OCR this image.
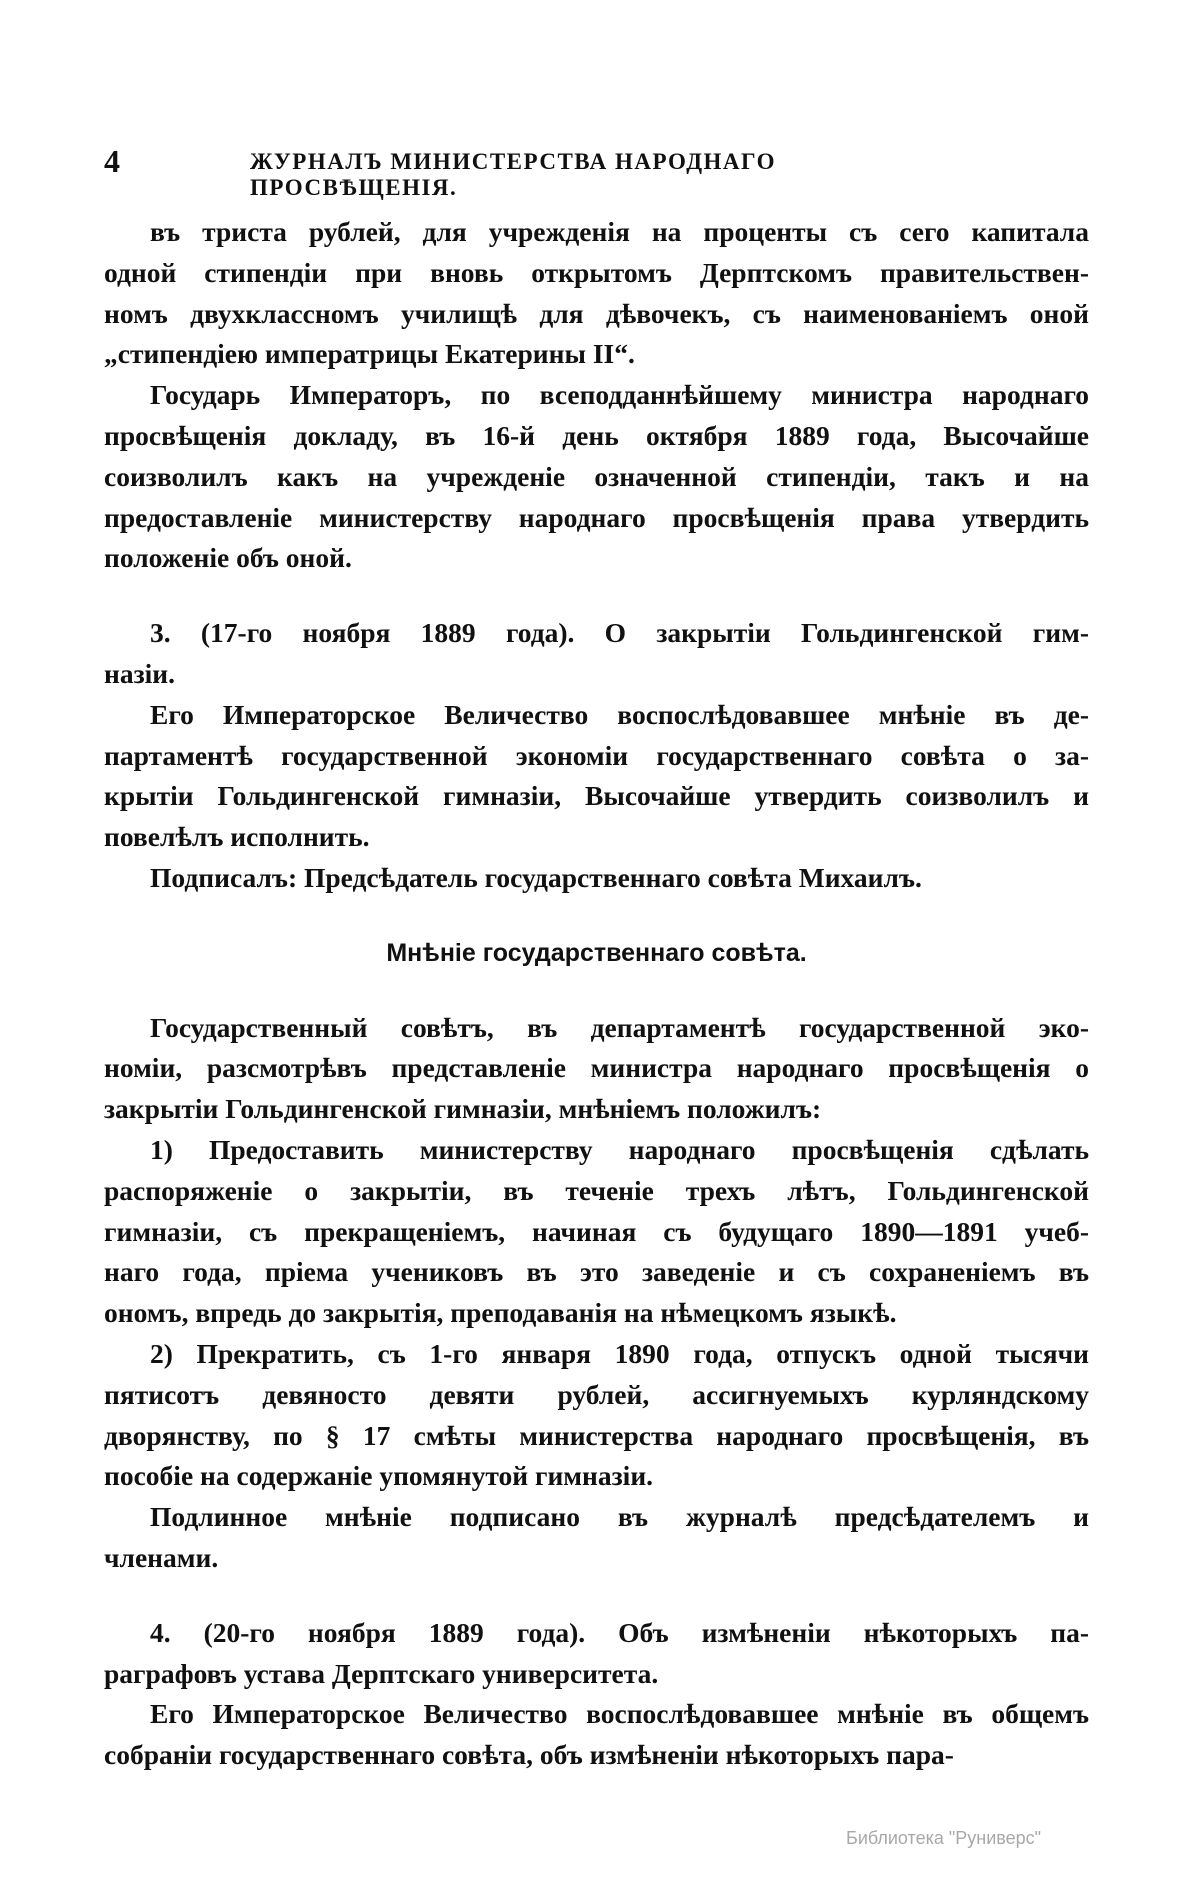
4	ЖУРНАЛЪ МИНИСТЕРСТВА НАРОДНАГО ПРОСВѢЩЕНІЯ.
въ триста рублей, для учрежденія на проценты съ сего капитала
одной стипендіи при вновь открытомъ Дерптскомъ правительствен-
номъ двухклассномъ училищѣ для дѣвочекъ, съ наименованіемъ оной
„стипендіею императрицы Екатерины II“.
Государь Императоръ, по всеподданнѣйшему министра народнаго
просвѣщенія докладу, въ 16-й день октября 1889 года, Высочайше
соизволилъ какъ на учрежденіе означенной стипендіи, такъ и на
предоставленіе министерству народнаго просвѣщенія права утвердить
положеніе объ оной.
3. (17-го ноября 1889 года). О закрытіи Гольдингенской гим-
назіи.
Его Императорское Величество воспослѣдовавшее мнѣніе въ де-
партаментѣ государственной экономіи государственнаго совѣта о за-
крытіи Гольдингенской гимназіи, Высочайше утвердить соизволилъ и
повелѣлъ исполнить.
Подписалъ: Предсѣдатель государственнаго совѣта Михаилъ.
Мнѣніе государственнаго совѣта.
Государственный совѣтъ, въ департаментѣ государственной эко-
номіи, разсмотрѣвъ представленіе министра народнаго просвѣщенія о
закрытіи Гольдингенской гимназіи, мнѣніемъ положилъ:
1) Предоставить министерству народнаго просвѣщенія сдѣлать
распоряженіе о закрытіи, въ теченіе трехъ лѣтъ, Гольдингенской
гимназіи, съ прекращеніемъ, начиная съ будущаго 1890—1891 учеб-
наго года, пріема учениковъ въ это заведеніе и съ сохраненіемъ въ
ономъ, впредь до закрытія, преподаванія на нѣмецкомъ языкѣ.
2) Прекратить, съ 1-го января 1890 года, отпускъ одной тысячи
пятисотъ девяносто девяти рублей, ассигнуемыхъ курляндскому
дворянству, по § 17 смѣты министерства народнаго просвѣщенія, въ
пособіе на содержаніе упомянутой гимназіи.
Подлинное мнѣніе подписано въ журналѣ предсѣдателемъ и
членами.
4. (20-го ноября 1889 года). Объ измѣненіи нѣкоторыхъ па-
раграфовъ устава Дерптскаго университета.
Его Императорское Величество воспослѣдовавшее мнѣніе въ общемъ
собраніи государственнаго совѣта, объ измѣненіи нѣкоторыхъ пара-
Библиотека "Руниверс"
